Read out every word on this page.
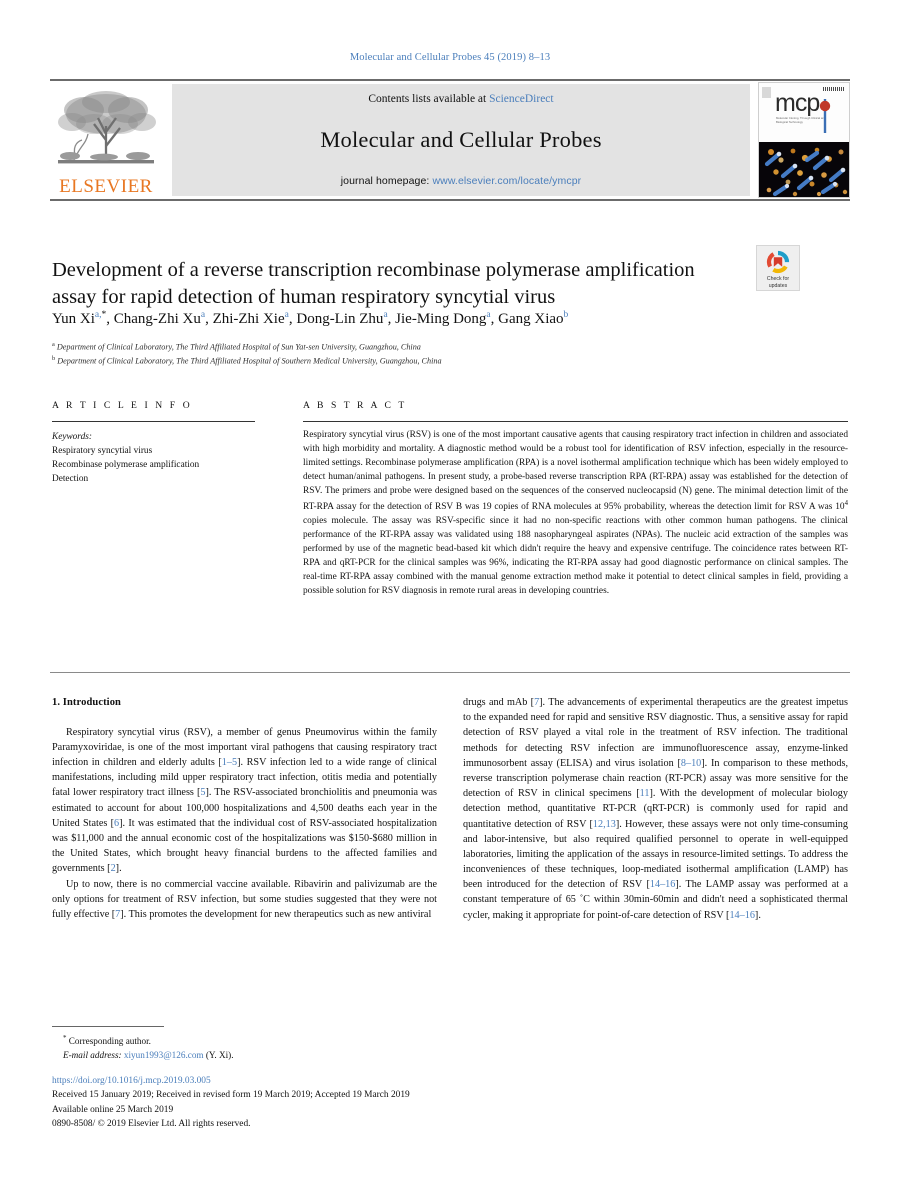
Molecular and Cellular Probes 45 (2019) 8–13
ELSEVIER
Contents lists available at ScienceDirect
Molecular and Cellular Probes
journal homepage: www.elsevier.com/locate/ymcpr
mcp
Molecular Cloning, Through Clinical and Biological Technology
Development of a reverse transcription recombinase polymerase amplification assay for rapid detection of human respiratory syncytial virus
Check for updates
Yun $Xi^{a,*}$, Chang-Zhi Xu$^a$, Zhi-Zhi Xie$^a$, Dong-Lin Zhu$^a$, Jie-Ming Dong$^a$, Gang Xiao$^b$
$^a$ Department of Clinical Laboratory, The Third Affiliated Hospital of Sun Yat-sen University, Guangzhou, China
$^b$ Department of Clinical Laboratory, The Third Affiliated Hospital of Southern Medical University, Guangzhou, China
A R T I C L E I N F O
Keywords:
Respiratory syncytial virus
Recombinase polymerase amplification
Detection
A B S T R A C T
Respiratory syncytial virus (RSV) is one of the most important causative agents that causing respiratory tract infection in children and associated with high morbidity and mortality. A diagnostic method would be a robust tool for identification of RSV infection, especially in the resource-limited settings. Recombinase polymerase amplification (RPA) is a novel isothermal amplification technique which has been widely employed to detect human/animal pathogens. In present study, a probe-based reverse transcription RPA (RT-RPA) assay was established for the detection of RSV. The primers and probe were designed based on the sequences of the conserved nucleocapsid (N) gene. The minimal detection limit of the RT-RPA assay for the detection of RSV B was 19 copies of RNA molecules at 95% probability, whereas the detection limit for RSV A was $10^4$ copies molecule. The assay was RSV-specific since it had no non-specific reactions with other common human pathogens. The clinical performance of the RT-RPA assay was validated using 188 nasopharyngeal aspirates (NPAs). The nucleic acid extraction of the samples was performed by use of the magnetic bead-based kit which didn't require the heavy and expensive centrifuge. The coincidence rates between RT-RPA and qRT-PCR for the clinical samples was 96%, indicating the RT-RPA assay had good diagnostic performance on clinical samples. The real-time RT-RPA assay combined with the manual genome extraction method make it potential to detect clinical samples in field, providing a possible solution for RSV diagnosis in remote rural areas in developing countries.
1. Introduction

Respiratory syncytial virus (RSV), a member of genus Pneumovirus within the family Paramyxoviridae, is one of the most important viral pathogens that causing respiratory tract infection in children and elderly adults [1–5]. RSV infection led to a wide range of clinical manifestations, including mild upper respiratory tract infection, otitis media and potentially fatal lower respiratory tract illness [5]. The RSV-associated bronchiolitis and pneumonia was estimated to account for about 100,000 hospitalizations and 4,500 deaths each year in the United States [6]. It was estimated that the individual cost of RSV-associated hospitalization was $11,000 and the annual economic cost of the hospitalizations was $150-$680 million in the United States, which brought heavy financial burdens to the affected families and governments [2].

Up to now, there is no commercial vaccine available. Ribavirin and palivizumab are the only options for treatment of RSV infection, but some studies suggested that they were not fully effective [7]. This promotes the development for new therapeutics such as new antiviral

drugs and mAb [7]. The advancements of experimental therapeutics are the greatest impetus to the expanded need for rapid and sensitive RSV diagnostic. Thus, a sensitive assay for rapid detection of RSV played a vital role in the treatment of RSV infection. The traditional methods for detecting RSV infection are immunofluorescence assay, enzyme-linked immunosorbent assay (ELISA) and virus isolation [8–10]. In comparison to these methods, reverse transcription polymerase chain reaction (RT-PCR) assay was more sensitive for the detection of RSV in clinical specimens [11]. With the development of molecular biology detection method, quantitative RT-PCR (qRT-PCR) is commonly used for rapid and quantitative detection of RSV [12,13]. However, these assays were not only time-consuming and labor-intensive, but also required qualified personnel to operate in well-equipped laboratories, limiting the application of the assays in resource-limited settings. To address the inconveniences of these techniques, loop-mediated isothermal amplification (LAMP) has been introduced for the detection of RSV [14–16]. The LAMP assay was performed at a constant temperature of 65 ˚C within 30min-60min and didn't need a sophisticated thermal cycler, making it appropriate for point-of-care detection of RSV [14–16].

* Corresponding author.
E-mail address: xiyun1993@126.com (Y. Xi).
https://doi.org/10.1016/j.mcp.2019.03.005
Received 15 January 2019; Received in revised form 19 March 2019; Accepted 19 March 2019
Available online 25 March 2019
0890-8508/ © 2019 Elsevier Ltd. All rights reserved.
